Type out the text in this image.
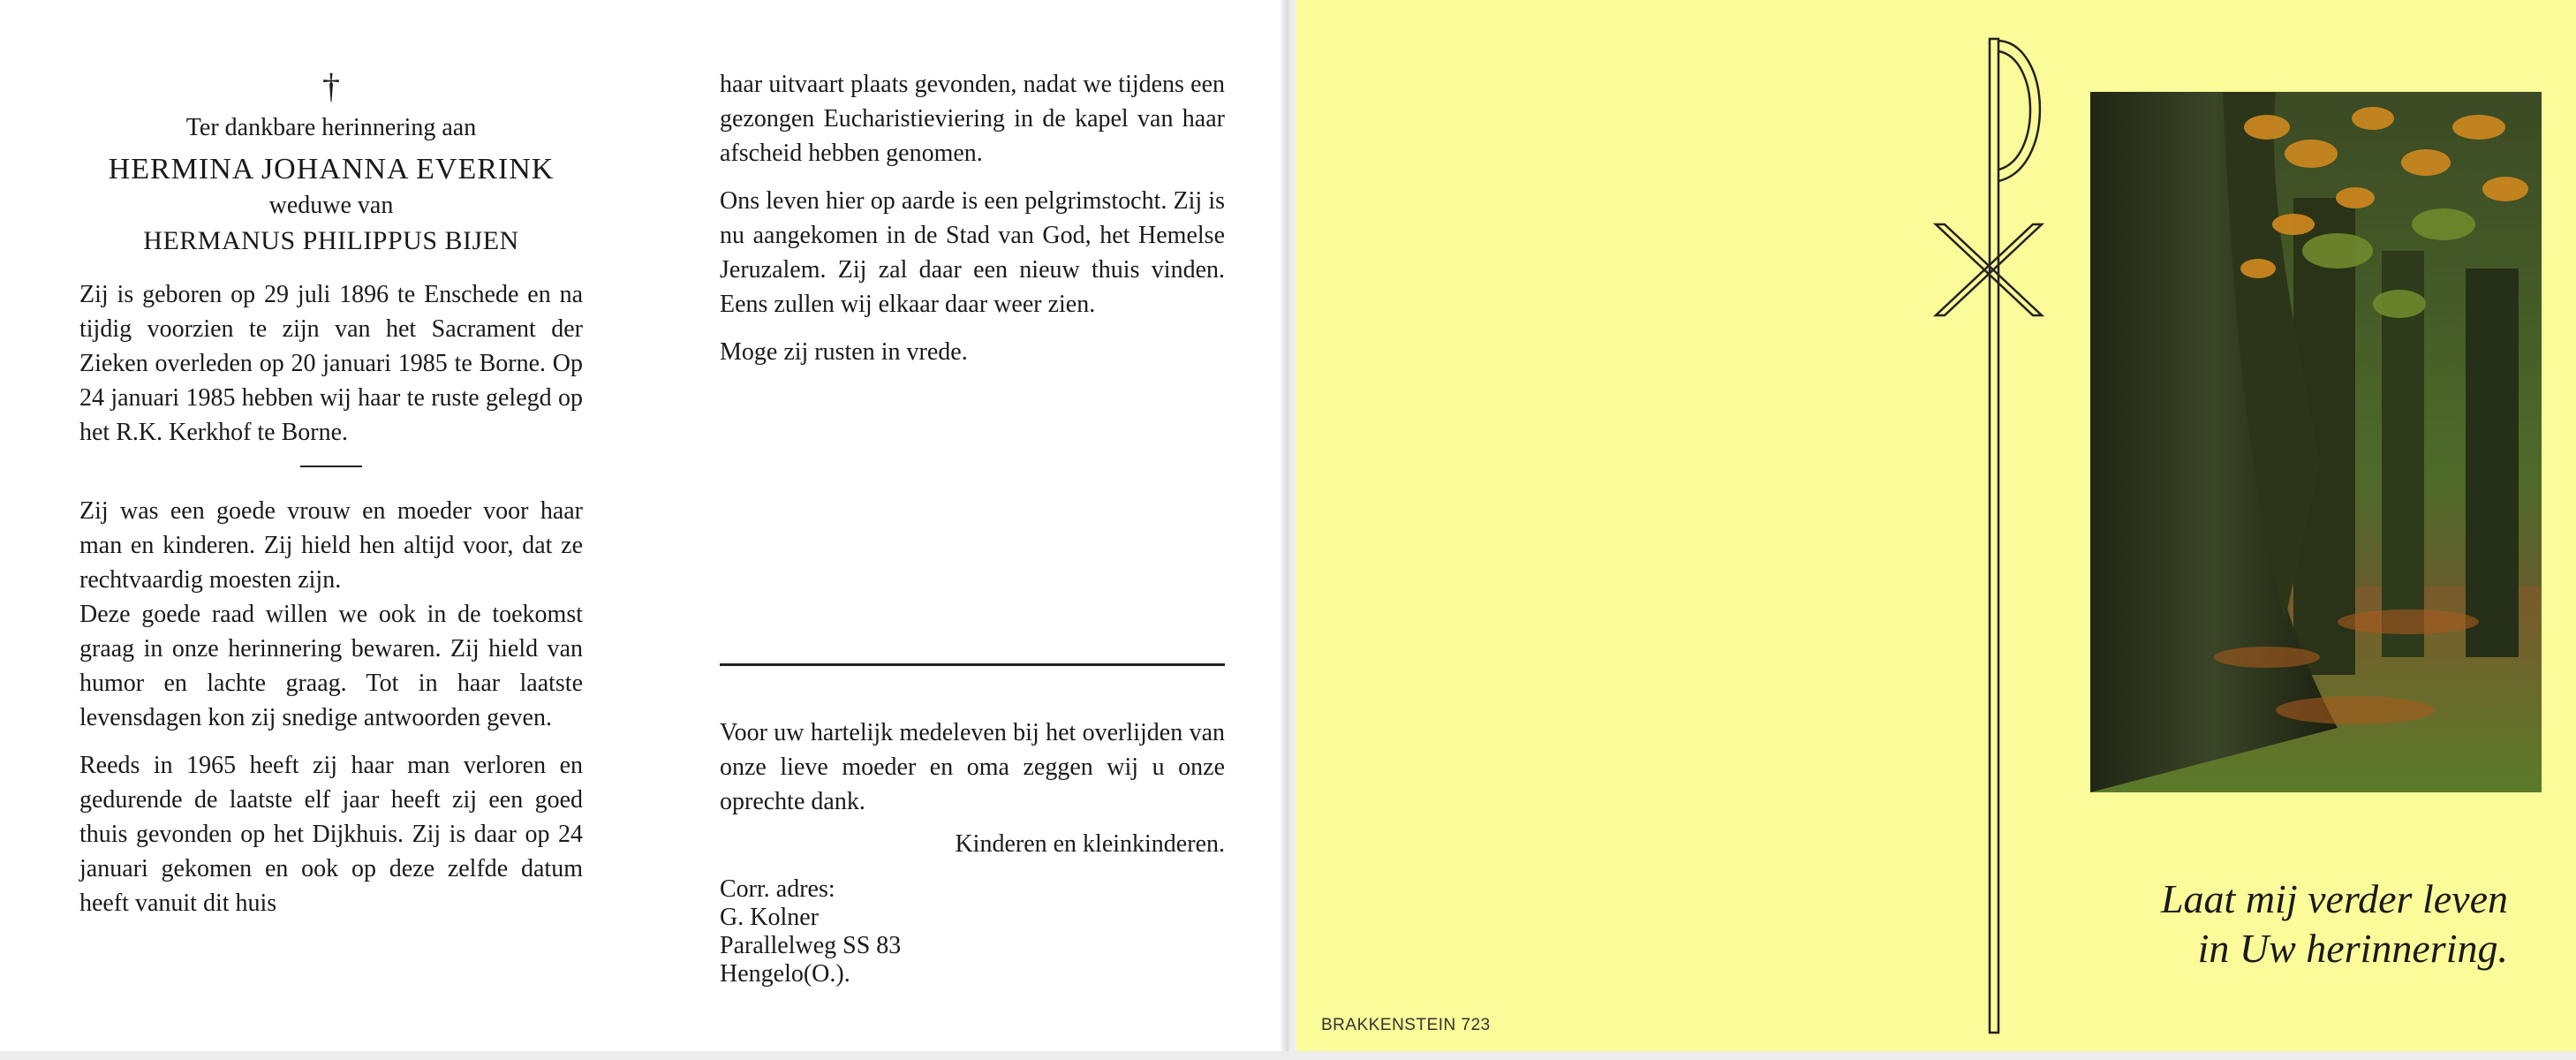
†
Ter dankbare herinnering aan
HERMINA JOHANNA EVERINK
weduwe van
HERMANUS PHILIPPUS BIJEN

Zij is geboren op 29 juli 1896 te Enschede en na tijdig voorzien te zijn van het Sacrament der Zieken overleden op 20 januari 1985 te Borne. Op 24 januari 1985 hebben wij haar te ruste gelegd op het R.K. Kerkhof te Borne.

Zij was een goede vrouw en moeder voor haar man en kinderen. Zij hield hen altijd voor, dat ze rechtvaardig moesten zijn.

Deze goede raad willen we ook in de toekomst graag in onze herinnering bewaren. Zij hield van humor en lachte graag. Tot in haar laatste levensdagen kon zij snedige antwoorden geven.

Reeds in 1965 heeft zij haar man verloren en gedurende de laatste elf jaar heeft zij een goed thuis gevonden op het Dijkhuis. Zij is daar op 24 januari gekomen en ook op deze zelfde datum heeft vanuit dit huis

haar uitvaart plaats gevonden, nadat we tijdens een gezongen Eucharistieviering in de kapel van haar afscheid hebben genomen.

Ons leven hier op aarde is een pelgrimstocht. Zij is nu aangekomen in de Stad van God, het Hemelse Jeruzalem. Zij zal daar een nieuw thuis vinden. Eens zullen wij elkaar daar weer zien.

Moge zij rusten in vrede.

Voor uw hartelijk medeleven bij het overlijden van onze lieve moeder en oma zeggen wij u onze oprechte dank.

Kinderen en kleinkinderen.
Corr. adres:
G. Kolner
Parallelweg SS 83
Hengelo(O.).
BRAKKENSTEIN 723
Laat mij verder leven
in Uw herinnering.
